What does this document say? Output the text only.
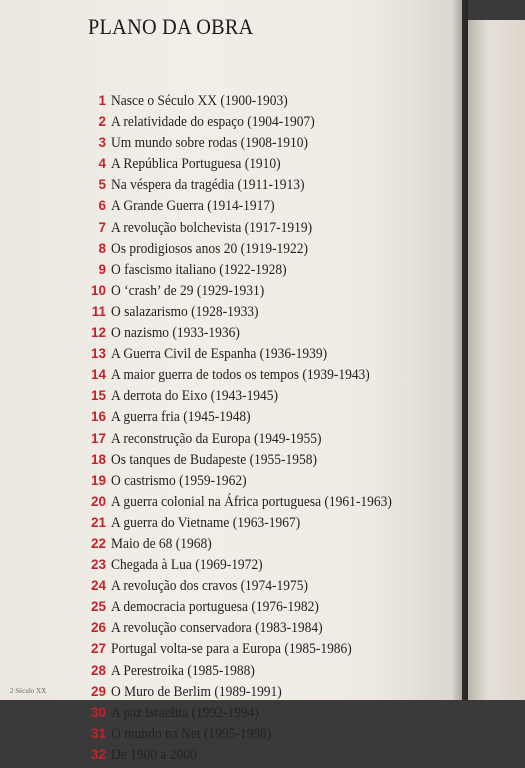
PLANO DA OBRA
1 Nasce o Século XX (1900-1903)
2 A relatividade do espaço (1904-1907)
3 Um mundo sobre rodas (1908-1910)
4 A República Portuguesa (1910)
5 Na véspera da tragédia (1911-1913)
6 A Grande Guerra (1914-1917)
7 A revolução bolchevista (1917-1919)
8 Os prodigiosos anos 20 (1919-1922)
9 O fascismo italiano (1922-1928)
10 O ‘crash’ de 29 (1929-1931)
11 O salazarismo (1928-1933)
12 O nazismo (1933-1936)
13 A Guerra Civil de Espanha (1936-1939)
14 A maior guerra de todos os tempos (1939-1943)
15 A derrota do Eixo (1943-1945)
16 A guerra fria (1945-1948)
17 A reconstrução da Europa (1949-1955)
18 Os tanques de Budapeste (1955-1958)
19 O castrismo (1959-1962)
20 A guerra colonial na África portuguesa (1961-1963)
21 A guerra do Vietname (1963-1967)
22 Maio de 68 (1968)
23 Chegada à Lua (1969-1972)
24 A revolução dos cravos (1974-1975)
25 A democracia portuguesa (1976-1982)
26 A revolução conservadora (1983-1984)
27 Portugal volta-se para a Europa (1985-1986)
28 A Perestroika (1985-1988)
29 O Muro de Berlim (1989-1991)
30 A paz israelita (1992-1994)
31 O mundo na Net (1995-1998)
32 De 1900 a 2000
2 Século XX
